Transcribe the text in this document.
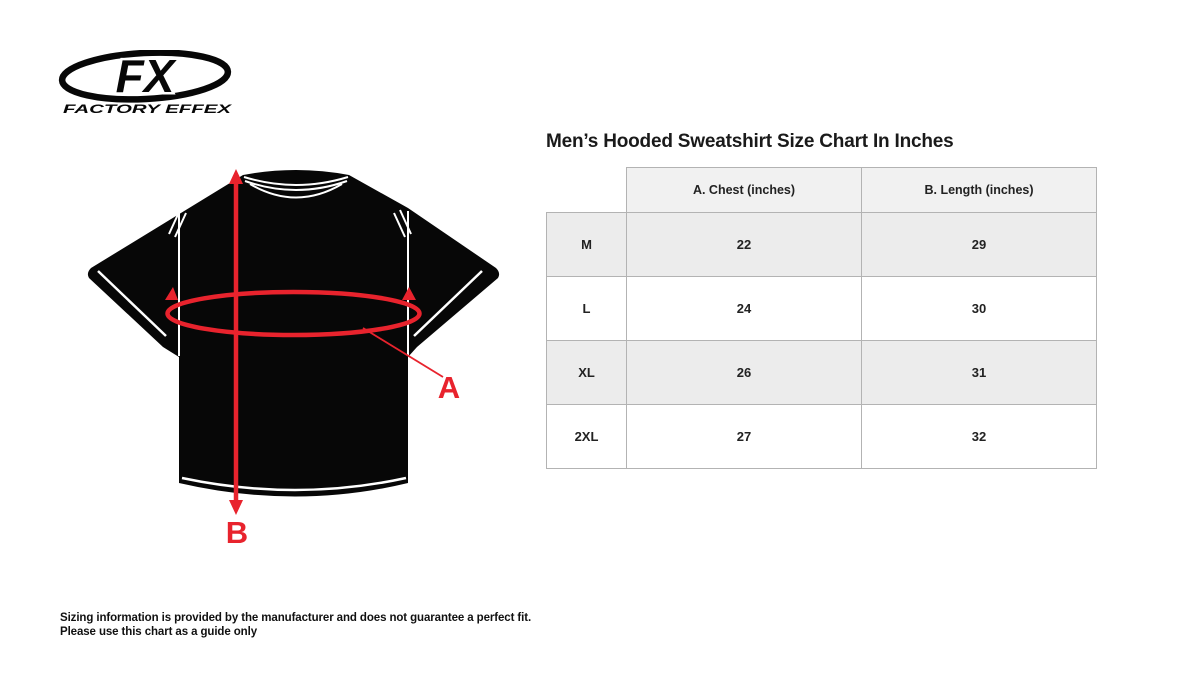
FX
FACTORY EFFEX
A
B
Men’s Hooded Sweatshirt Size Chart In Inches
	A. Chest (inches)	B. Length (inches)
M	22	29
L	24	30
XL	26	31
2XL	27	32
Sizing information is provided by the manufacturer and does not guarantee a perfect fit.
Please use this chart as a guide only
